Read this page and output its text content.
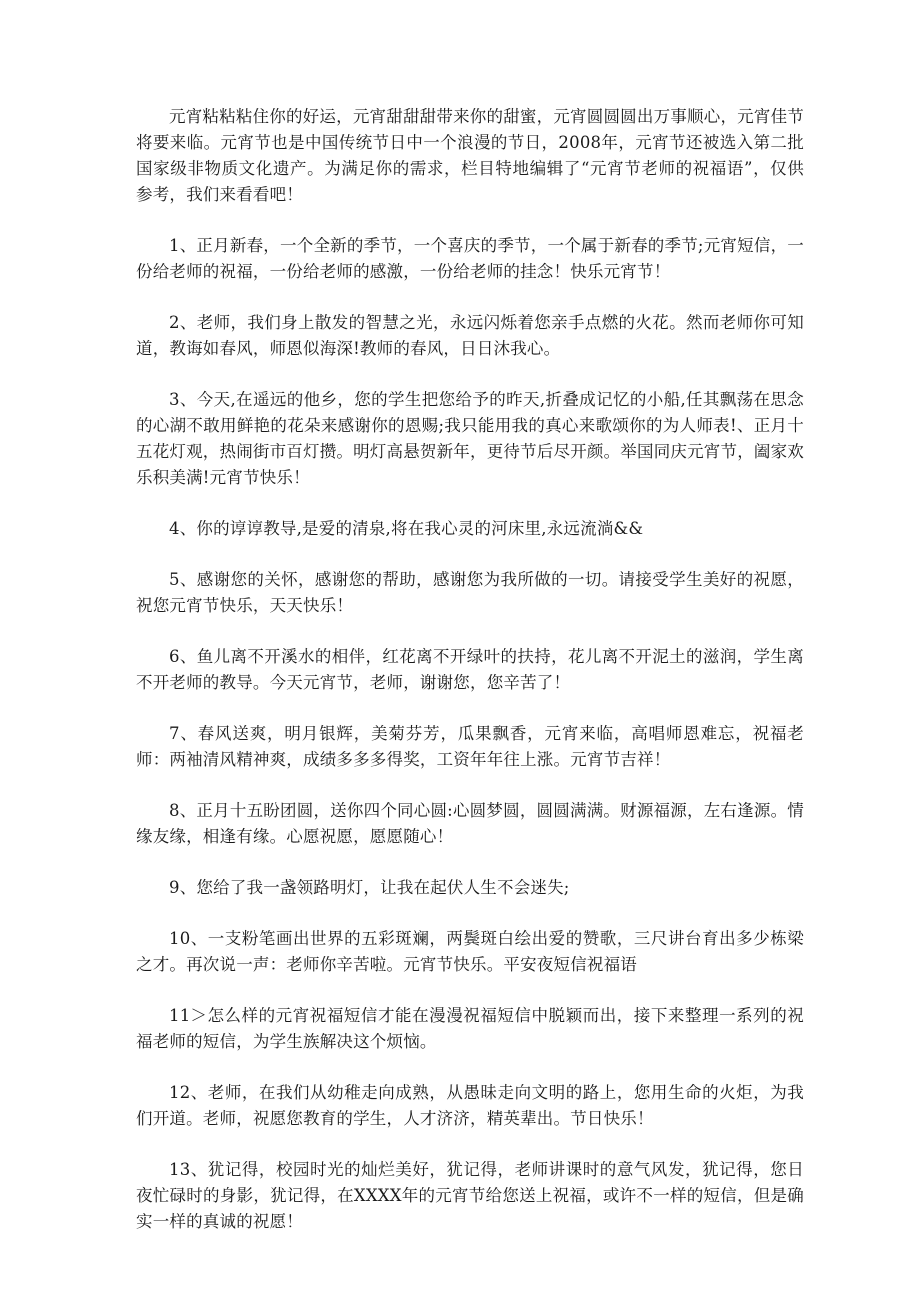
元宵粘粘粘住你的好运，元宵甜甜甜带来你的甜蜜，元宵圆圆圆出万事顺心，元宵佳节将要来临。元宵节也是中国传统节日中一个浪漫的节日，2008年，元宵节还被选入第二批国家级非物质文化遗产。为满足你的需求，栏目特地编辑了“元宵节老师的祝福语”，仅供参考，我们来看看吧！

1、正月新春，一个全新的季节，一个喜庆的季节，一个属于新春的季节;元宵短信，一份给老师的祝福，一份给老师的感激，一份给老师的挂念！快乐元宵节！

2、老师，我们身上散发的智慧之光，永远闪烁着您亲手点燃的火花。然而老师你可知道，教诲如春风，师恩似海深!教师的春风，日日沐我心。

3、今天,在遥远的他乡，您的学生把您给予的昨天,折叠成记忆的小船,任其飘荡在思念的心湖不敢用鲜艳的花朵来感谢你的恩赐;我只能用我的真心来歌颂你的为人师表!、正月十五花灯观，热闹街市百灯攒。明灯高悬贺新年，更待节后尽开颜。举国同庆元宵节，阖家欢乐积美满!元宵节快乐！

4、你的谆谆教导,是爱的清泉,将在我心灵的河床里,永远流淌&&

5、感谢您的关怀，感谢您的帮助，感谢您为我所做的一切。请接受学生美好的祝愿，祝您元宵节快乐，天天快乐！

6、鱼儿离不开溪水的相伴，红花离不开绿叶的扶持，花儿离不开泥土的滋润，学生离不开老师的教导。今天元宵节，老师，谢谢您，您辛苦了！

7、春风送爽，明月银辉，美菊芬芳，瓜果飘香，元宵来临，高唱师恩难忘，祝福老师：两袖清风精神爽，成绩多多多得奖，工资年年往上涨。元宵节吉祥！

8、正月十五盼团圆，送你四个同心圆:心圆梦圆，圆圆满满。财源福源，左右逢源。情缘友缘，相逢有缘。心愿祝愿，愿愿随心！

9、您给了我一盏领路明灯，让我在起伏人生不会迷失;

10、一支粉笔画出世界的五彩斑斓，两鬓斑白绘出爱的赞歌，三尺讲台育出多少栋梁之才。再次说一声：老师你辛苦啦。元宵节快乐。平安夜短信祝福语

11＞怎么样的元宵祝福短信才能在漫漫祝福短信中脱颖而出，接下来整理一系列的祝福老师的短信，为学生族解决这个烦恼。

12、老师，在我们从幼稚走向成熟，从愚昧走向文明的路上，您用生命的火炬，为我们开道。老师，祝愿您教育的学生，人才济济，精英辈出。节日快乐！

13、犹记得，校园时光的灿烂美好，犹记得，老师讲课时的意气风发，犹记得，您日夜忙碌时的身影，犹记得，在XXXX年的元宵节给您送上祝福，或许不一样的短信，但是确实一样的真诚的祝愿！
